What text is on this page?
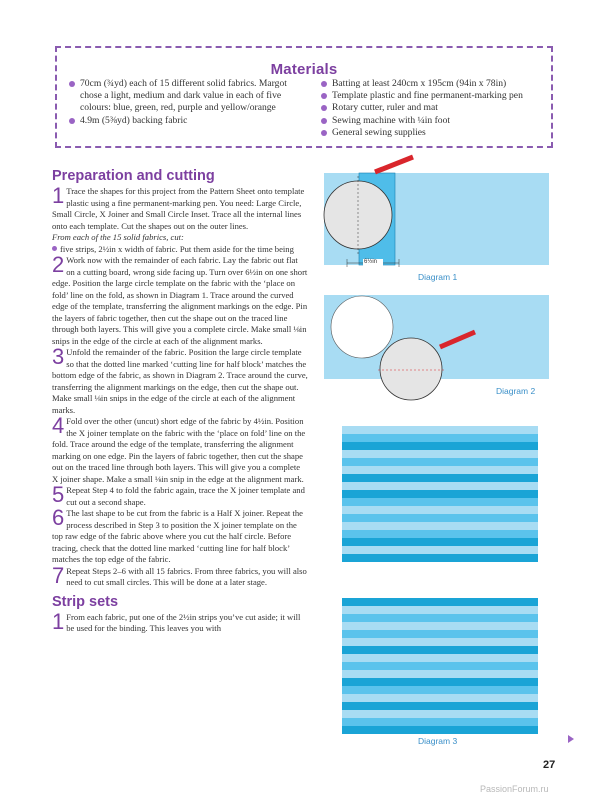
Materials
70cm (¾yd) each of 15 different solid fabrics. Margot chose a light, medium and dark value in each of five colours: blue, green, red, purple and yellow/orange
4.9m (5⅜yd) backing fabric
Batting at least 240cm x 195cm (94in x 78in)
Template plastic and fine permanent-marking pen
Rotary cutter, ruler and mat
Sewing machine with ¼in foot
General sewing supplies
Preparation and cutting
1 Trace the shapes for this project from the Pattern Sheet onto template plastic using a fine permanent-marking pen. You need: Large Circle, Small Circle, X Joiner and Small Circle Inset. Trace all the internal lines onto each template. Cut the shapes out on the outer lines.
From each of the 15 solid fabrics, cut:
five strips, 2½in x width of fabric. Put them aside for the time being
2 Work now with the remainder of each fabric. Lay the fabric out flat on a cutting board, wrong side facing up. Turn over 6½in on one short edge. Position the large circle template on the fabric with the ‘place on fold’ line on the fold, as shown in Diagram 1. Trace around the curved edge of the template, transferring the alignment markings on the edge. Pin the layers of fabric together, then cut the shape out on the traced line through both layers. This will give you a complete circle. Make small ⅛in snips in the edge of the circle at each of the alignment marks.
3 Unfold the remainder of the fabric. Position the large circle template so that the dotted line marked ‘cutting line for half block’ matches the bottom edge of the fabric, as shown in Diagram 2. Trace around the curve, transferring the alignment markings on the edge, then cut the shape out. Make small ⅛in snips in the edge of the circle at each of the alignment marks.
4 Fold over the other (uncut) short edge of the fabric by 4½in. Position the X joiner template on the fabric with the ‘place on fold’ line on the fold. Trace around the edge of the template, transferring the alignment marking on one edge. Pin the layers of fabric together, then cut the shape out on the traced line through both layers. This will give you a complete X joiner shape. Make a small ⅛in snip in the edge at the alignment mark.
5 Repeat Step 4 to fold the fabric again, trace the X joiner template and cut out a second shape.
6 The last shape to be cut from the fabric is a Half X joiner. Repeat the process described in Step 3 to position the X joiner template on the top raw edge of the fabric above where you cut the half circle. Before tracing, check that the dotted line marked ‘cutting line for half block’ matches the top edge of the fabric.
7 Repeat Steps 2–6 with all 15 fabrics. From three fabrics, you will also need to cut small circles. This will be done at a later stage.
Strip sets
1 From each fabric, put one of the 2½in strips you’ve cut aside; it will be used for the binding. This leaves you with
6½in
Diagram 1
Diagram 2
Diagram 3
27
PassionForum.ru
